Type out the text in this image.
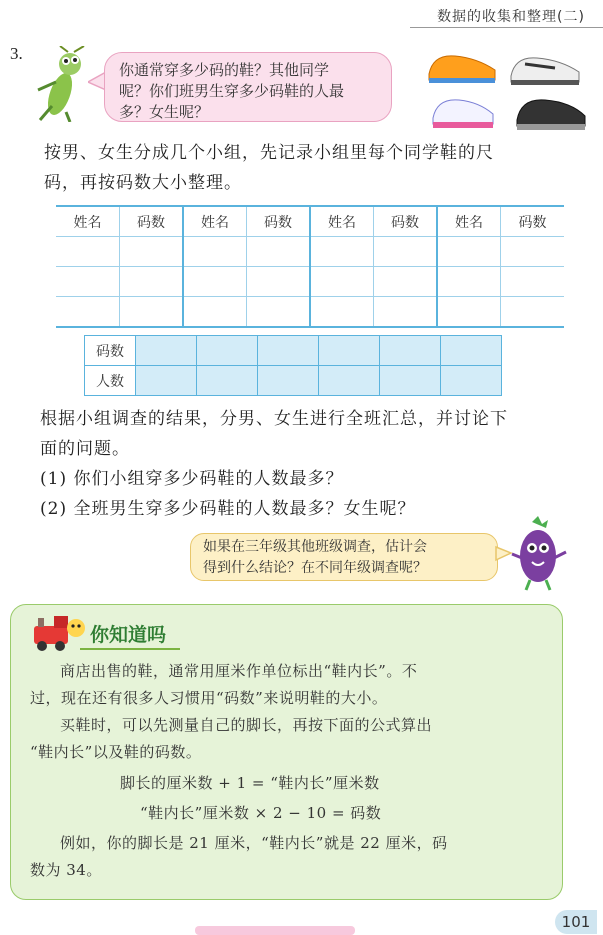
数据的收集和整理(二)
3.
你通常穿多少码的鞋？其他同学
呢？你们班男生穿多少码鞋的人最
多？女生呢？
按男、女生分成几个小组，先记录小组里每个同学鞋的尺
码，再按码数大小整理。
姓名	码数	姓名	码数	姓名	码数	姓名	码数

码数						
人数						
根据小组调查的结果，分男、女生进行全班汇总，并讨论下
面的问题。
(1) 你们小组穿多少码鞋的人数最多？
(2) 全班男生穿多少码鞋的人数最多？女生呢？
如果在三年级其他班级调查，估计会
得到什么结论？在不同年级调查呢？
你知道吗
商店出售的鞋，通常用厘米作单位标出“鞋内长”。不
过，现在还有很多人习惯用“码数”来说明鞋的大小。
买鞋时，可以先测量自己的脚长，再按下面的公式算出
“鞋内长”以及鞋的码数。
脚长的厘米数 + 1 = “鞋内长”厘米数
“鞋内长”厘米数 × 2 − 10 = 码数
例如，你的脚长是 21 厘米，“鞋内长”就是 22 厘米，码
数为 34。
101
